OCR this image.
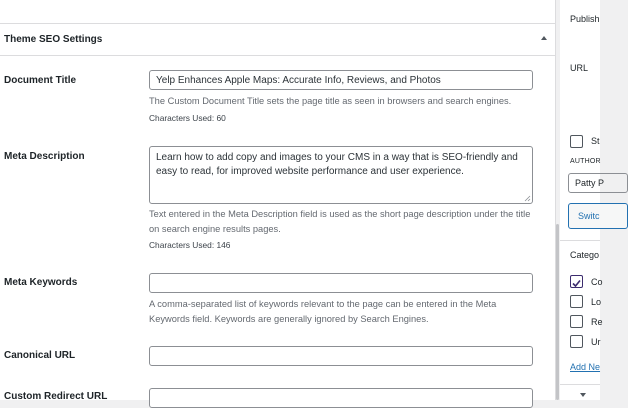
Theme SEO Settings
Document Title	Yelp Enhances Apple Maps: Accurate Info, Reviews, and Photos
The Custom Document Title sets the page title as seen in browsers and search engines.
Characters Used: 60
Meta Description	Learn how to add copy and images to your CMS in a way that is SEO-friendly and easy to read, for improved website performance and user experience.
Text entered in the Meta Description field is used as the short page description under the title
on search engine results pages.
Characters Used: 146
Meta Keywords
A comma-separated list of keywords relevant to the page can be entered in the Meta
Keywords field. Keywords are generally ignored by Search Engines.
Canonical URL
Custom Redirect URL
Publish
URL
St
AUTHOR
Patty P
Switc
Catego
Co
Lo
Re
Ur
Add Ne
